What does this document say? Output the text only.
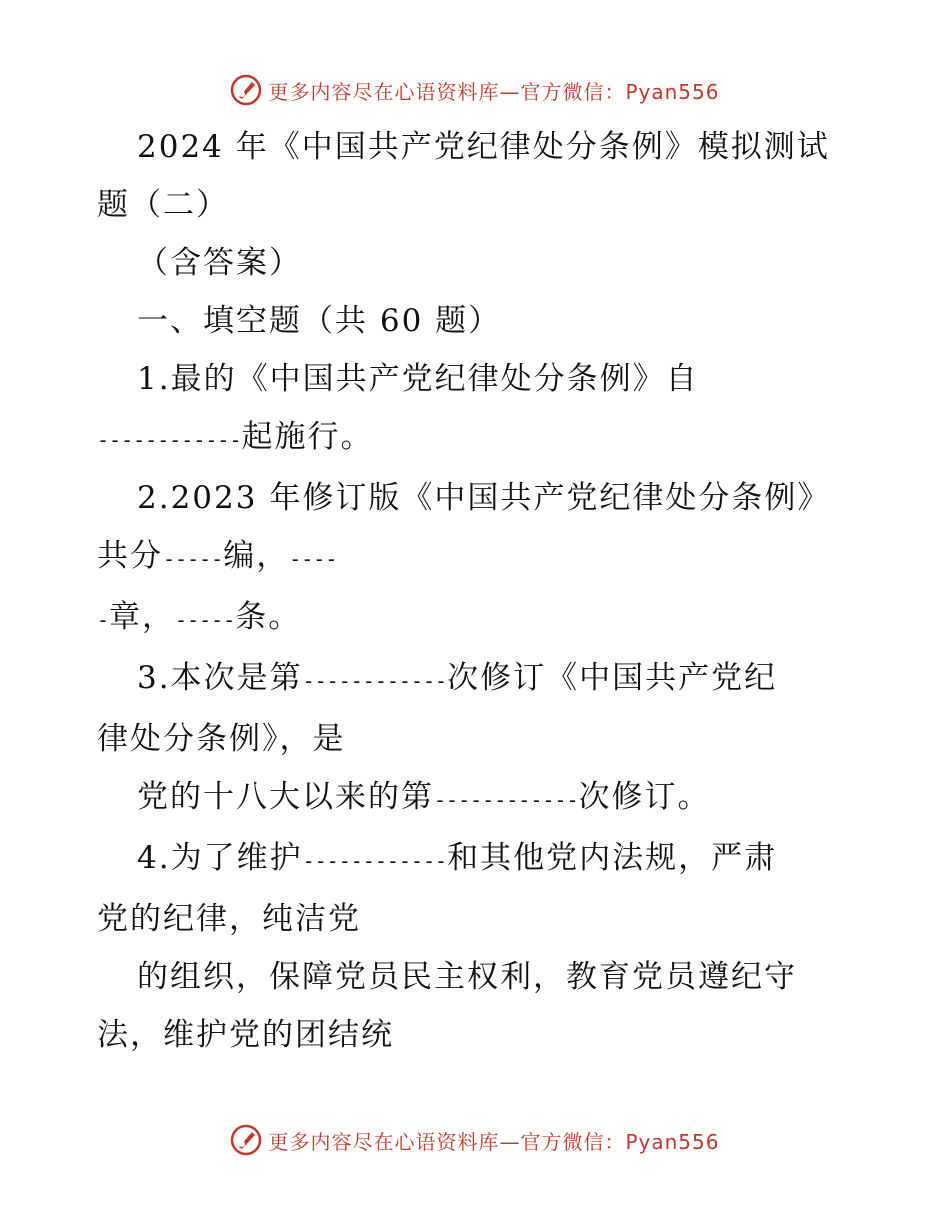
更多内容尽在心语资料库—官方微信：Pyan556
2024 年《中国共产党纪律处分条例》模拟测试
题（二）
（含答案）
一、填空题（共 60 题）
1.最的《中国共产党纪律处分条例》自
------------起施行。
2.2023 年修订版《中国共产党纪律处分条例》
共分-----编，----
-章，-----条。
3.本次是第------------次修订《中国共产党纪
律处分条例》，是
党的十八大以来的第------------次修订。
4.为了维护------------和其他党内法规，严肃
党的纪律，纯洁党
的组织，保障党员民主权利，教育党员遵纪守
法，维护党的团结统
更多内容尽在心语资料库—官方微信：Pyan556
